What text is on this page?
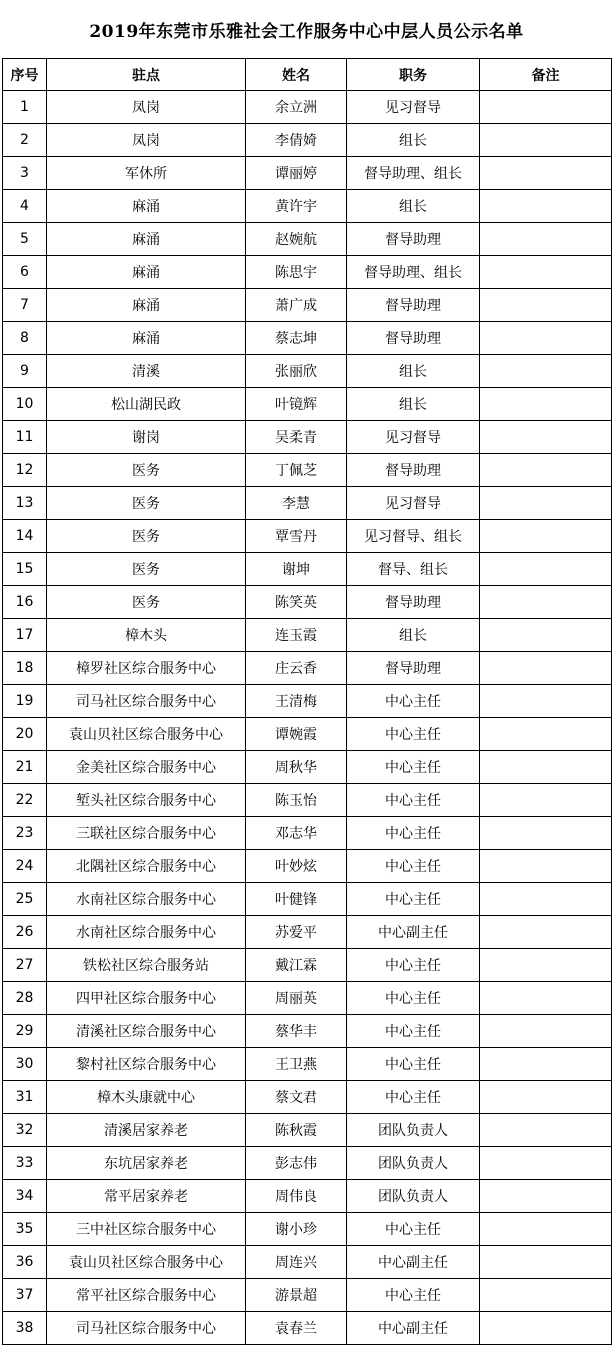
2019年东莞市乐雅社会工作服务中心中层人员公示名单
序号	驻点	姓名	职务	备注
1	凤岗	余立洲	见习督导	
2	凤岗	李倩婍	组长	
3	军休所	谭丽婷	督导助理、组长	
4	麻涌	黄许宇	组长	
5	麻涌	赵婉航	督导助理	
6	麻涌	陈思宇	督导助理、组长	
7	麻涌	萧广成	督导助理	
8	麻涌	蔡志坤	督导助理	
9	清溪	张丽欣	组长	
10	松山湖民政	叶镜辉	组长	
11	谢岗	吴柔青	见习督导	
12	医务	丁佩芝	督导助理	
13	医务	李慧	见习督导	
14	医务	覃雪丹	见习督导、组长	
15	医务	谢坤	督导、组长	
16	医务	陈笑英	督导助理	
17	樟木头	连玉霞	组长	
18	樟罗社区综合服务中心	庄云香	督导助理	
19	司马社区综合服务中心	王清梅	中心主任	
20	袁山贝社区综合服务中心	谭婉霞	中心主任	
21	金美社区综合服务中心	周秋华	中心主任	
22	堑头社区综合服务中心	陈玉怡	中心主任	
23	三联社区综合服务中心	邓志华	中心主任	
24	北隅社区综合服务中心	叶妙炫	中心主任	
25	水南社区综合服务中心	叶健锋	中心主任	
26	水南社区综合服务中心	苏爱平	中心副主任	
27	铁松社区综合服务站	戴江霖	中心主任	
28	四甲社区综合服务中心	周丽英	中心主任	
29	清溪社区综合服务中心	蔡华丰	中心主任	
30	黎村社区综合服务中心	王卫燕	中心主任	
31	樟木头康就中心	蔡文君	中心主任	
32	清溪居家养老	陈秋霞	团队负责人	
33	东坑居家养老	彭志伟	团队负责人	
34	常平居家养老	周伟良	团队负责人	
35	三中社区综合服务中心	谢小珍	中心主任	
36	袁山贝社区综合服务中心	周连兴	中心副主任	
37	常平社区综合服务中心	游景超	中心主任	
38	司马社区综合服务中心	袁春兰	中心副主任	
